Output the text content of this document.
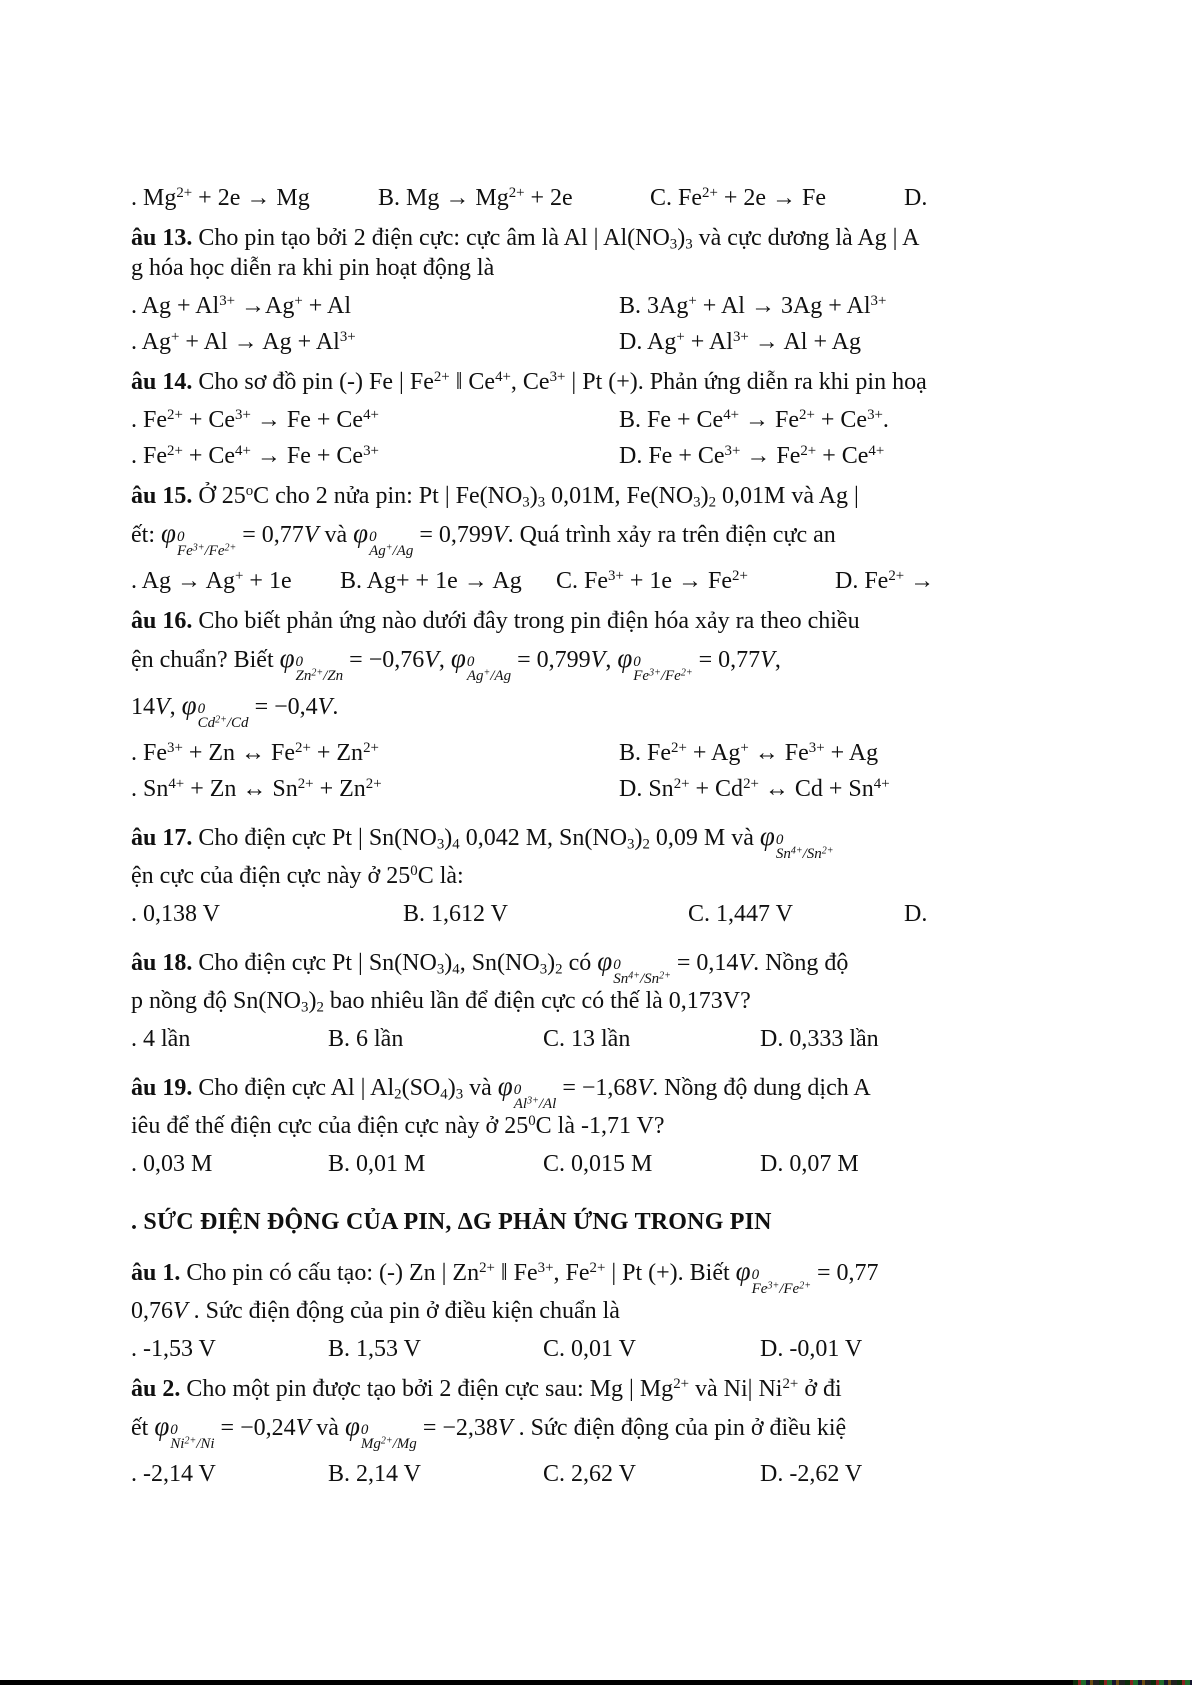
. $Mg^{2+} + 2e \to Mg$	B. $Mg \to Mg^{2+} + 2e$	C. $Fe^{2+} + 2e \to Fe$	D.
âu 13. Cho pin tạo bởi 2 điện cực: cực âm là Al | $Al(NO_3)_3$ và cực dương là Ag | A
g hóa học diễn ra khi pin hoạt động là
. $Ag + Al^{3+} \to Ag^+ + Al$	B. $3Ag^+ + Al \to 3Ag + Al^{3+}$
. $Ag^+ + Al \to Ag + Al^{3+}$	D. $Ag^+ + Al^{3+} \to Al + Ag$
âu 14. Cho sơ đồ pin (-) Fe | $Fe^{2+}$ ‖ $Ce^{4+}$, $Ce^{3+}$ | Pt (+). Phản ứng diễn ra khi pin hoạ
. $Fe^{2+} + Ce^{3+} \to Fe + Ce^{4+}$	B. $Fe + Ce^{4+} \to Fe^{2+} + Ce^{3+}$.
. $Fe^{2+} + Ce^{4+} \to Fe + Ce^{3+}$	D. $Fe + Ce^{3+} \to Fe^{2+} + Ce^{4+}$
âu 15. Ở 25$^o$C cho 2 nửa pin: Pt | $Fe(NO_3)_3$ 0,01M, $Fe(NO_3)_2$ 0,01M và Ag |
ết: φ 0
$Fe^{3+}/Fe^{2+} = 0,77V$ và φ 0
Ag+/Ag
= 0,799V. Quá trình xảy ra trên điện cực an
. Ag → Ag+ + 1e	B. Ag+ + 1e → Ag	C. $Fe^{3+} + 1e \to Fe^{2+}$	D. $Fe^{2+}$ →
âu 16. Cho biết phản ứng nào dưới đây trong pin điện hóa xảy ra theo chiều
ện chuẩn? Biết φ 0
$Zn^{2+}/Zn$
= −0,76V, φ 0
Ag+/Ag
= 0,799V, φ 0
$Fe^{3+}/Fe^{2+} = 0,77V$,
14V, φ 0
$Cd^{2+}/Cd$
= −0,4V.
. $Fe^{3+} + Zn$ ↔ $Fe^{2+} + Zn^{2+}$	B. $Fe^{2+} + Ag^+$ ↔ $Fe^{3+} + Ag$
. $Sn^{4+} + Zn$ ↔ $Sn^{2+} + Zn^{2+}$	D. $Sn^{2+} + Cd^{2+}$ ↔ $Cd + Sn^{4+}$
âu 17. Cho điện cực Pt | $Sn(NO_3)_4$ 0,042 M, $Sn(NO_3)_2$ 0,09 M và φ 0
$Sn^{4+}/Sn^{2+}$
ện cực của điện cực này ở $25^0C$ là:
. 0,138 V	B. 1,612 V	C. 1,447 V	D.
âu 18. Cho điện cực Pt | $Sn(NO_3)_4$, $Sn(NO_3)_2$ có φ 0
$Sn^{4+}/Sn^{2+} = 0,14V$. Nồng độ
p nồng độ $Sn(NO_3)_2$ bao nhiêu lần để điện cực có thế là 0,173V?
. 4 lần	B. 6 lần	C. 13 lần	D. 0,333 lần
âu 19. Cho điện cực Al | $Al_2(SO_4)_3$ và φ 0
$Al^{3+}/Al$
= −1,68V. Nồng độ dung dịch A
iêu để thế điện cực của điện cực này ở $25^0C$ là -1,71 V?
. 0,03 M	B. 0,01 M	C. 0,015 M	D. 0,07 M
. SỨC ĐIỆN ĐỘNG CỦA PIN, ΔG PHẢN ỨNG TRONG PIN
âu 1. Cho pin có cấu tạo: (-) Zn | $Zn^{2+}$ ‖ $Fe^{3+}$, $Fe^{2+}$ | Pt (+). Biết φ 0
$Fe^{3+}/Fe^{2+} = 0,77$
0,76V . Sức điện động của pin ở điều kiện chuẩn là
. -1,53 V	B. 1,53 V	C. 0,01 V	D. -0,01 V
âu 2. Cho một pin được tạo bởi 2 điện cực sau: Mg | $Mg^{2+}$ và Ni| $Ni^{2+}$ ở đi
ết φ 0
$Ni^{2+}/Ni$
= −0,24V và φ 0
$Mg^{2+}/Mg$
= −2,38V . Sức điện động của pin ở điều kiệ
. -2,14 V	B. 2,14 V	C. 2,62 V	D. -2,62 V
